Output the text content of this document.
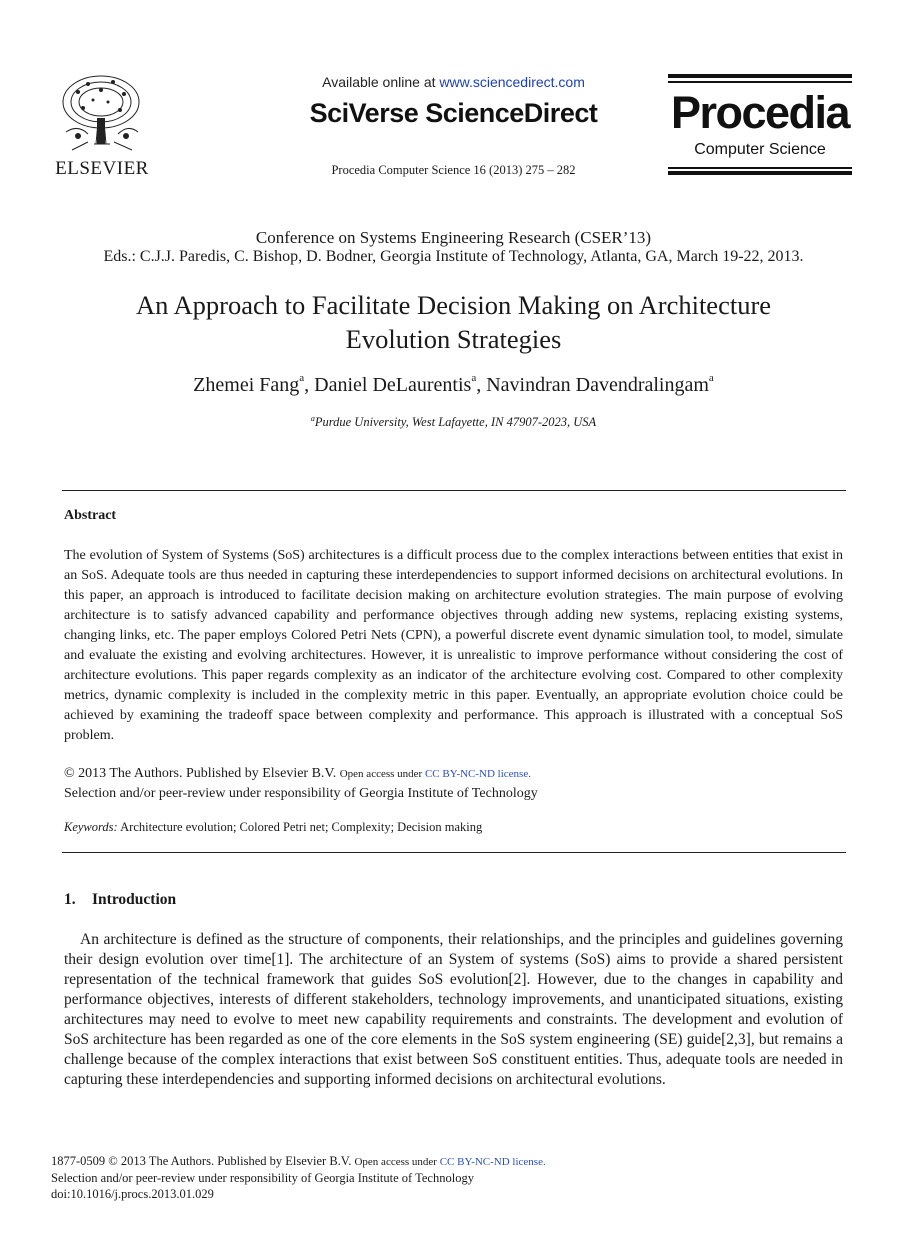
ELSEVIER
Available online at www.sciencedirect.com
SciVerse ScienceDirect
Procedia Computer Science 16 (2013) 275 – 282
Procedia
Computer Science
Conference on Systems Engineering Research (CSER’13)
Eds.: C.J.J. Paredis, C. Bishop, D. Bodner, Georgia Institute of Technology, Atlanta, GA, March 19-22, 2013.
An Approach to Facilitate Decision Making on Architecture
Evolution Strategies
Zhemei Fang$^a$, Daniel DeLaurentis$^a$, Navindran Davendralingam$^a$
$^a$Purdue University, West Lafayette, IN 47907-2023, USA
Abstract
The evolution of System of Systems (SoS) architectures is a difficult process due to the complex interactions between entities that exist in an SoS. Adequate tools are thus needed in capturing these interdependencies to support informed decisions on architectural evolutions. In this paper, an approach is introduced to facilitate decision making on architecture evolution strategies. The main purpose of evolving architecture is to satisfy advanced capability and performance objectives through adding new systems, replacing existing systems, changing links, etc. The paper employs Colored Petri Nets (CPN), a powerful discrete event dynamic simulation tool, to model, simulate and evaluate the existing and evolving architectures. However, it is unrealistic to improve performance without considering the cost of architecture evolutions. This paper regards complexity as an indicator of the architecture evolving cost. Compared to other complexity metrics, dynamic complexity is included in the complexity metric in this paper. Eventually, an appropriate evolution choice could be achieved by examining the tradeoff space between complexity and performance. This approach is illustrated with a conceptual SoS problem.
© 2013 The Authors. Published by Elsevier B.V. Open access under CC BY-NC-ND license.
Selection and/or peer-review under responsibility of Georgia Institute of Technology
Keywords: Architecture evolution; Colored Petri net; Complexity; Decision making
1. Introduction
An architecture is defined as the structure of components, their relationships, and the principles and guidelines governing their design evolution over time[1]. The architecture of an System of systems (SoS) aims to provide a shared persistent representation of the technical framework that guides SoS evolution[2]. However, due to the changes in capability and performance objectives, interests of different stakeholders, technology improvements, and unanticipated situations, existing architectures may need to evolve to meet new capability requirements and constraints. The development and evolution of SoS architecture has been regarded as one of the core elements in the SoS system engineering (SE) guide[2,3], but remains a challenge because of the complex interactions that exist between SoS constituent entities. Thus, adequate tools are needed in capturing these interdependencies and supporting informed decisions on architectural evolutions.
1877-0509 © 2013 The Authors. Published by Elsevier B.V. Open access under CC BY-NC-ND license.
Selection and/or peer-review under responsibility of Georgia Institute of Technology
doi:10.1016/j.procs.2013.01.029
